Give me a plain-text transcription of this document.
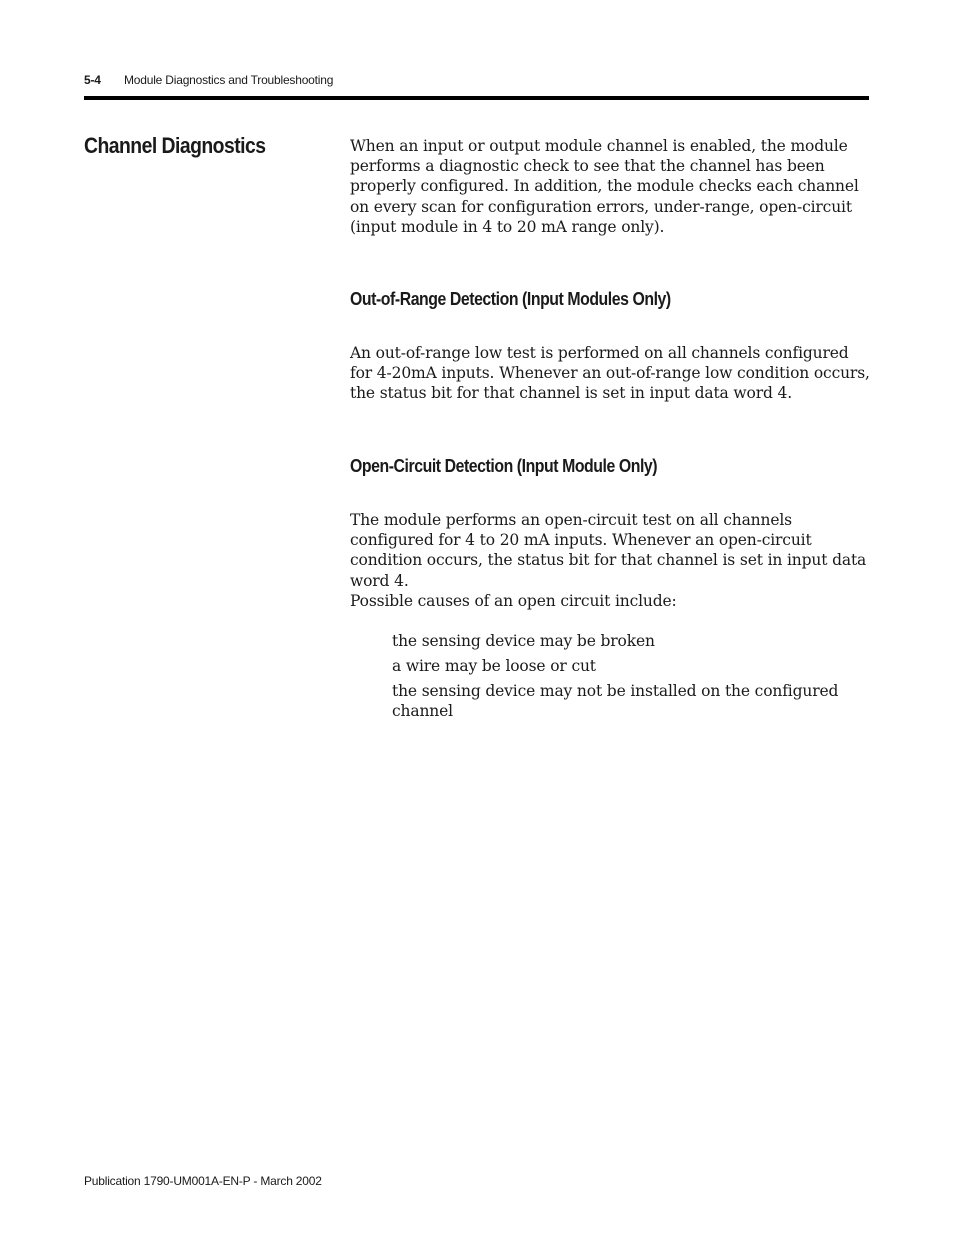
5-4 Module Diagnostics and Troubleshooting
Channel Diagnostics	When an input or output module channel is enabled, the module performs a diagnostic check to see that the channel has been properly configured. In addition, the module checks each channel on every scan for configuration errors, under-range, open-circuit (input module in 4 to 20 mA range only).

Out-of-Range Detection (Input Modules Only)

An out-of-range low test is performed on all channels configured for 4-20mA inputs. Whenever an out-of-range low condition occurs, the status bit for that channel is set in input data word 4.

Open-Circuit Detection (Input Module Only)

The module performs an open-circuit test on all channels configured for 4 to 20 mA inputs. Whenever an open-circuit condition occurs, the status bit for that channel is set in input data word 4.

Possible causes of an open circuit include:

the sensing device may be broken
a wire may be loose or cut
the sensing device may not be installed on the configured channel
Publication 1790-UM001A-EN-P - March 2002
